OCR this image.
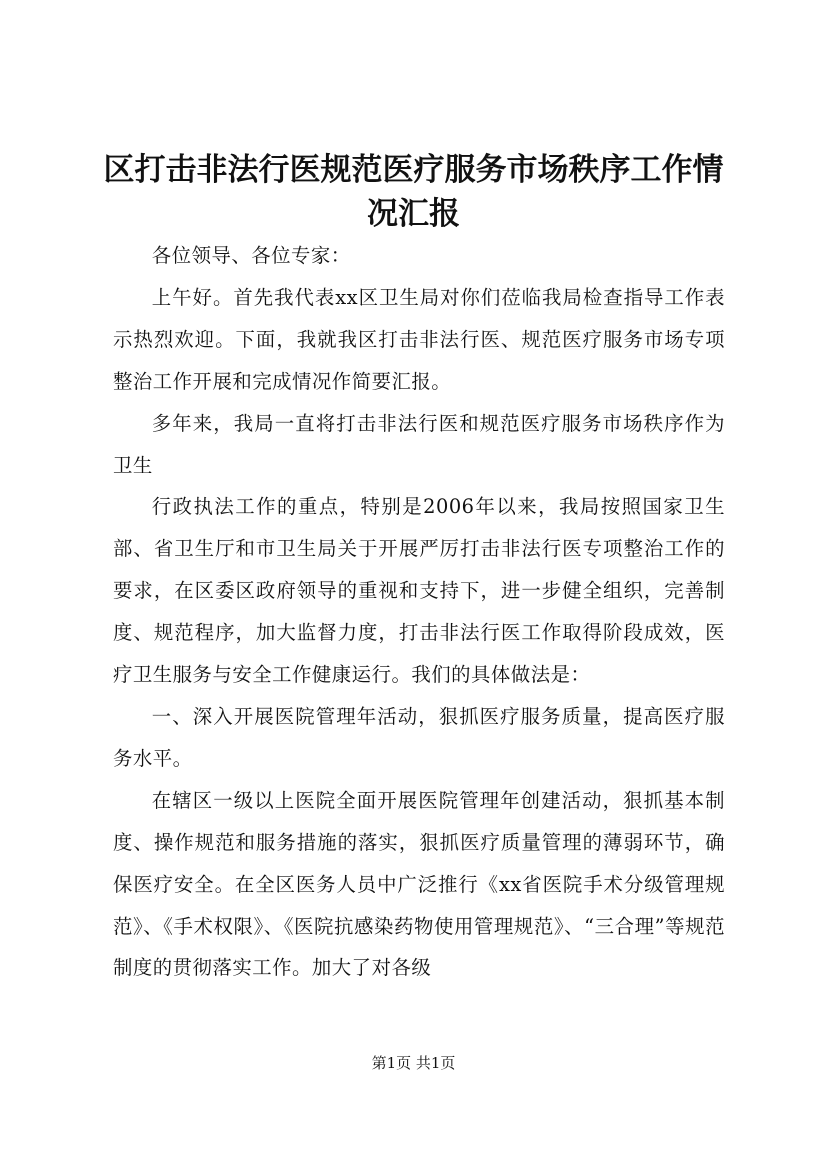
区打击非法行医规范医疗服务市场秩序工作情况汇报

各位领导、各位专家：

上午好。首先我代表xx区卫生局对你们莅临我局检查指导工作表示热烈欢迎。下面，我就我区打击非法行医、规范医疗服务市场专项整治工作开展和完成情况作简要汇报。

多年来，我局一直将打击非法行医和规范医疗服务市场秩序作为卫生

行政执法工作的重点，特别是2006年以来，我局按照国家卫生部、省卫生厅和市卫生局关于开展严厉打击非法行医专项整治工作的要求，在区委区政府领导的重视和支持下，进一步健全组织，完善制度、规范程序，加大监督力度，打击非法行医工作取得阶段成效，医疗卫生服务与安全工作健康运行。我们的具体做法是：

一、深入开展医院管理年活动，狠抓医疗服务质量，提高医疗服务水平。

在辖区一级以上医院全面开展医院管理年创建活动，狠抓基本制度、操作规范和服务措施的落实，狠抓医疗质量管理的薄弱环节，确保医疗安全。在全区医务人员中广泛推行《xx省医院手术分级管理规范》、《手术权限》、《医院抗感染药物使用管理规范》、“三合理”等规范制度的贯彻落实工作。加大了对各级

第1页 共1页
